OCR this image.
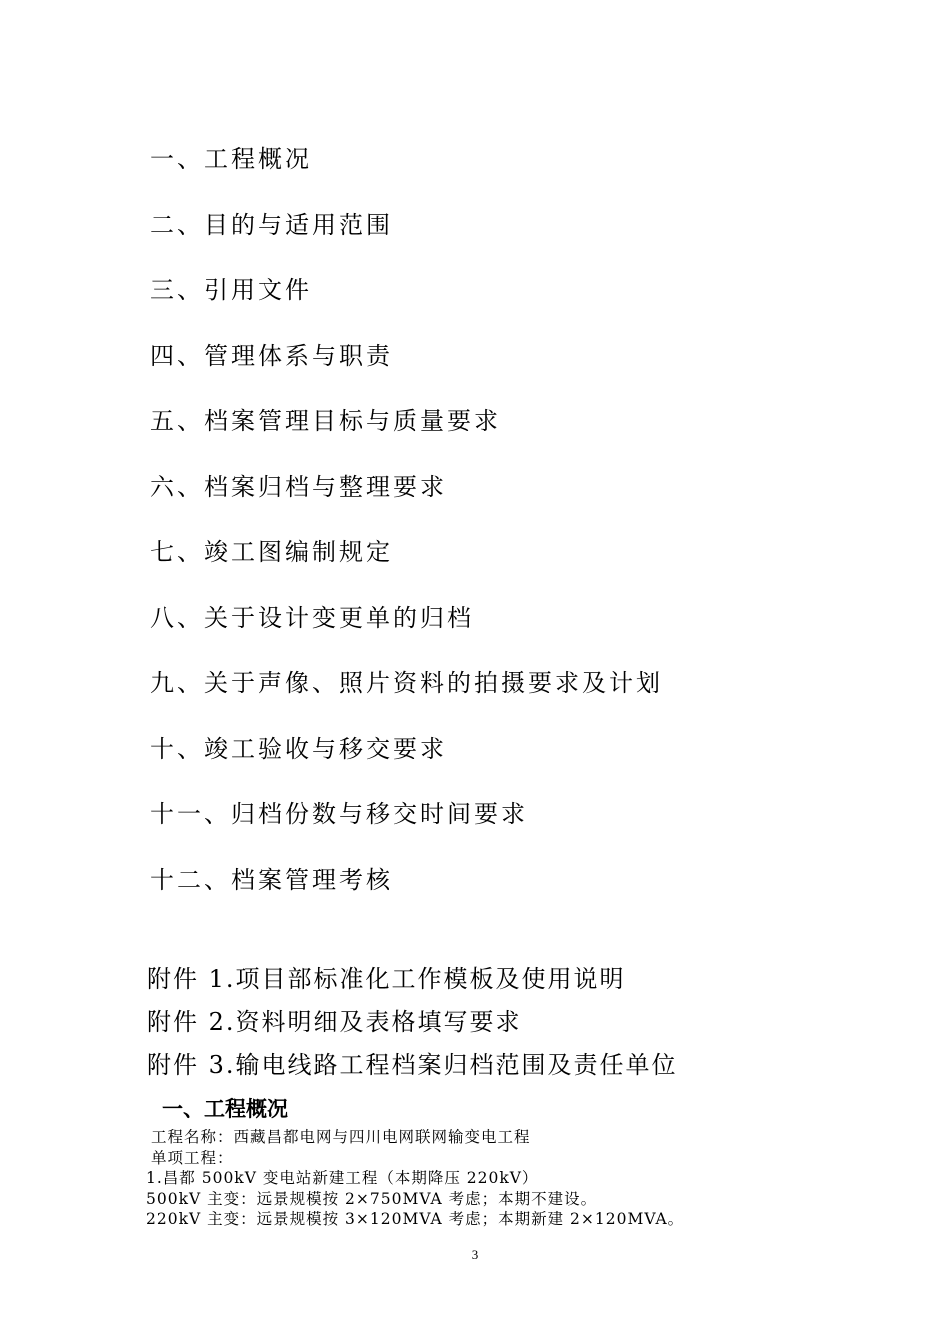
一、工程概况
二、目的与适用范围
三、引用文件
四、管理体系与职责
五、档案管理目标与质量要求
六、档案归档与整理要求
七、竣工图编制规定
八、关于设计变更单的归档
九、关于声像、照片资料的拍摄要求及计划
十、竣工验收与移交要求
十一、归档份数与移交时间要求
十二、档案管理考核
附件 1.项目部标准化工作模板及使用说明
附件 2.资料明细及表格填写要求
附件 3.输电线路工程档案归档范围及责任单位
一、工程概况
工程名称：西藏昌都电网与四川电网联网输变电工程
单项工程：
1.昌都 500kV 变电站新建工程（本期降压 220kV）
500kV 主变：远景规模按 2×750MVA 考虑；本期不建设。
220kV 主变：远景规模按 3×120MVA 考虑；本期新建 2×120MVA。
3
